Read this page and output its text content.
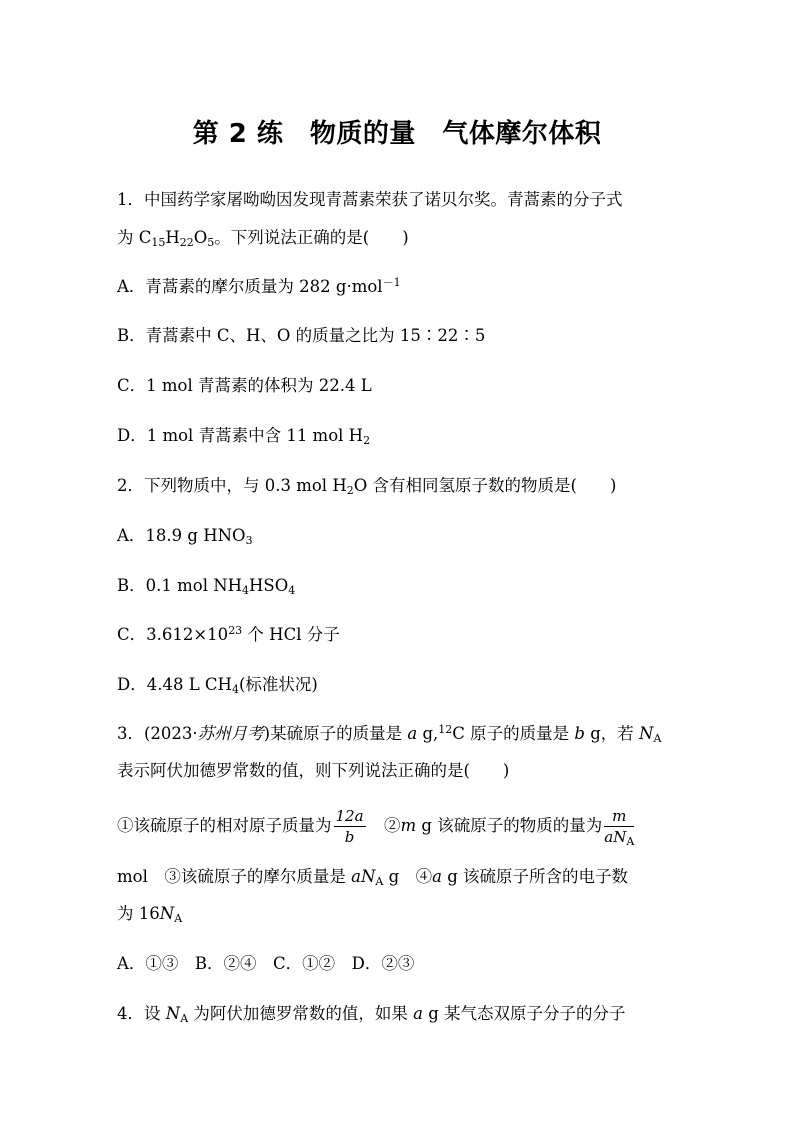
第 2 练　物质的量　气体摩尔体积
1．中国药学家屠呦呦因发现青蒿素荣获了诺贝尔奖。青蒿素的分子式
为 $C_{15}H_{22}O_5$。下列说法正确的是(　　)
A．青蒿素的摩尔质量为 282 g·mol$^{-1}$
B．青蒿素中 C、H、O 的质量之比为 15∶22∶5
C．1 mol 青蒿素的体积为 22.4 L
D．1 mol 青蒿素中含 11 mol $H_2$
2．下列物质中，与 0.3 mol $H_2O$ 含有相同氢原子数的物质是(　　)
A．18.9 g $HNO_3$
B．0.1 mol $NH_4HSO_4$
C．$3.612\times 10^{23}$ 个 HCl 分子
D．4.48 L $CH_4$(标准状况)
3．(2023·苏州月考)某硫原子的质量是 a g,$^{12}$C 原子的质量是 b g，若 $N_A$
表示阿伏加德罗常数的值，则下列说法正确的是(　　)
①该硫原子的相对原子质量为 $\frac{12a}{b}$ 　②m g 该硫原子的物质的量为 $\frac{m}{aN_A}$
mol　③该硫原子的摩尔质量是 $aN_A$ g　④a g 该硫原子所含的电子数
为 $16N_A$
A．①③　B．②④　C．①②　D．②③
4．设 $N_A$ 为阿伏加德罗常数的值，如果 a g 某气态双原子分子的分子
